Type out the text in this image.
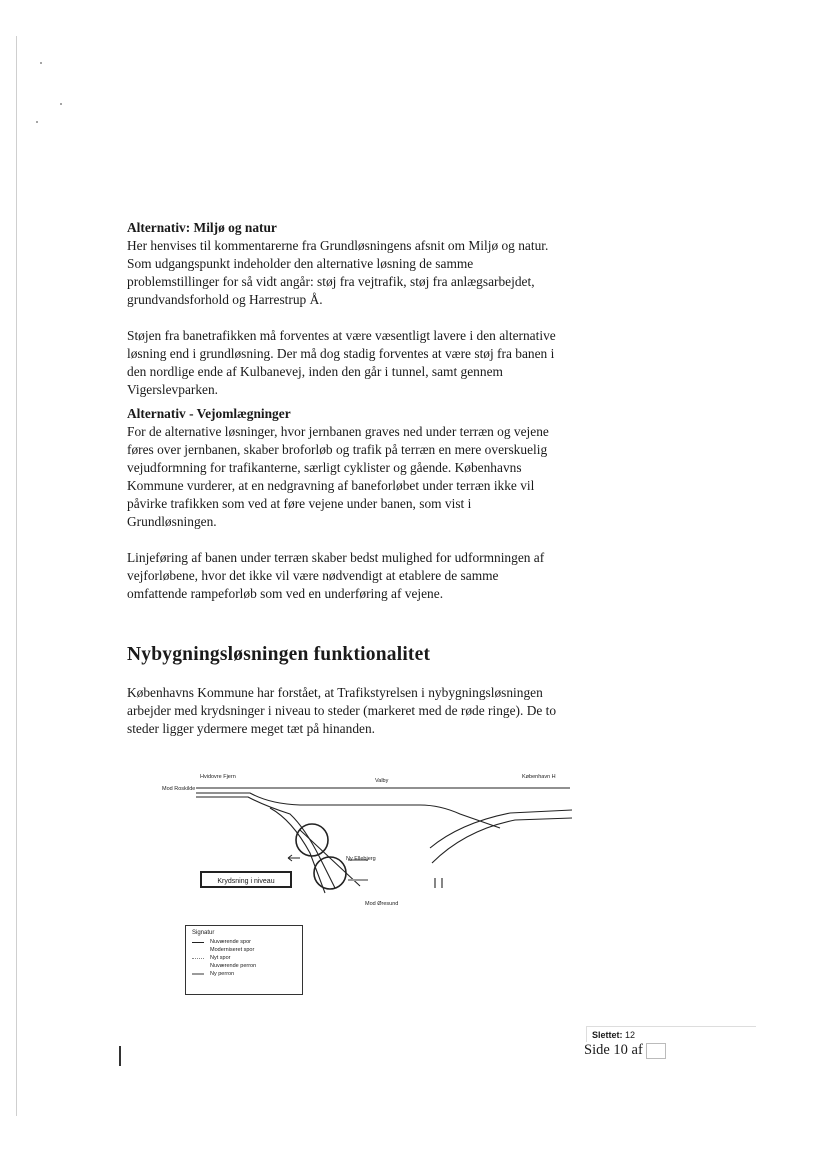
Alternativ: Miljø og natur

Her henvises til kommentarerne fra Grundløsningens afsnit om Miljø og natur. Som udgangspunkt indeholder den alternative løsning de samme problemstillinger for så vidt angår: støj fra vejtrafik, støj fra anlægsarbejdet, grundvandsforhold og Harrestrup Å.

Støjen fra banetrafikken må forventes at være væsentligt lavere i den alternative løsning end i grundløsning. Der må dog stadig forventes at være støj fra banen i den nordlige ende af Kulbanevej, inden den går i tunnel, samt gennem Vigerslevparken.

Alternativ - Vejomlægninger

For de alternative løsninger, hvor jernbanen graves ned under terræn og vejene føres over jernbanen, skaber broforløb og trafik på terræn en mere overskuelig vejudformning for trafikanterne, særligt cyklister og gående. Københavns Kommune vurderer, at en nedgravning af baneforløbet under terræn ikke vil påvirke trafikken som ved at føre vejene under banen, som vist i Grundløsningen.

Linjeføring af banen under terræn skaber bedst mulighed for udformningen af vejforløbene, hvor det ikke vil være nødvendigt at etablere de samme omfattende rampeforløb som ved en underføring af vejene.

Nybygningsløsningen funktionalitet

Københavns Kommune har forstået, at Trafikstyrelsen i nybygningsløsningen arbejder med krydsninger i niveau to steder (markeret med de røde ringe). De to steder ligger ydermere meget tæt på hinanden.

Hvidovre Fjern
Valby
København H
Mod Roskilde
Ny Ellebjerg
Mod Øresund
Krydsning i niveau
Signatur
Nuværende spor
Moderniseret spor
Nyt spor
Nuværende perron
Ny perron
Slettet: 12
Side 10 af
